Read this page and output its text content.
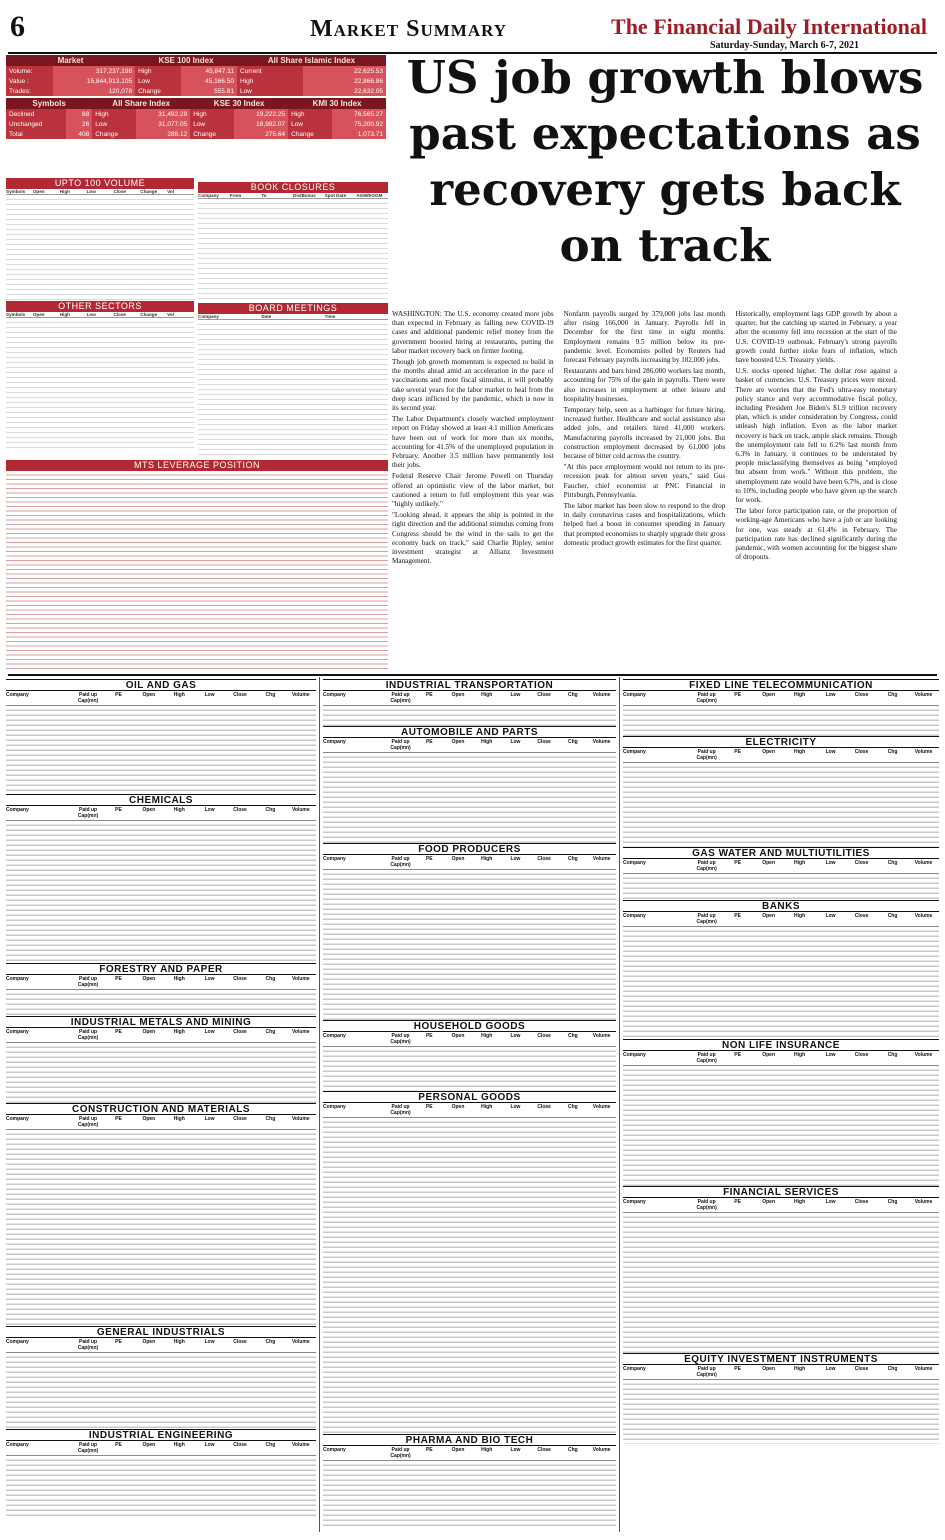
6	Market Summary	The Financial Daily International
Saturday-Sunday, March 6-7, 2021
Market		KSE 100 Index		All Share Islamic Index	
Volume:	317,237,198	High	45,847.11	Current	22,625.53
Value :	15,844,913,105	Low	45,166.50	High	22,866.86
Trades:	120,078	Change	555.81	Low	22,632.05
Symbols		All Share Index		KSE 30 Index		KMI 30 Index	
Declined	88	High	31,492.29	High	19,222.25	High	76,565.27
Unchanged	26	Low	31,077.05	Low	18,982.07	Low	75,200.92
Total	408	Change	288.12	Change	275.64	Change	1,073.71
UPTO 100 VOLUME
Symbols	Open	High	Low	Close	Change	Vol
OTHER SECTORS
Symbols	Open	High	Low	Close	Change	Vol
BOOK CLOSURES
Company	From	To	Div/Bonus	Spot Date	AGM/EOGM
BOARD MEETINGS
Company	Date	Time
MTS LEVERAGE POSITION
US job growth blows past expectations as recovery gets back on track

WASHINGTON: The U.S. economy created more jobs than expected in February as falling new COVID-19 cases and additional pandemic relief money from the government boosted hiring at restaurants, putting the labor market recovery back on firmer footing.

Though job growth momentum is expected to build in the months ahead amid an acceleration in the pace of vaccinations and more fiscal stimulus, it will probably take several years for the labor market to heal from the deep scars inflicted by the pandemic, which is now in its second year.

The Labor Department's closely watched employment report on Friday showed at least 4.1 million Americans have been out of work for more than six months, accounting for 41.5% of the unemployed population in February. Another 3.5 million have permanently lost their jobs.

Federal Reserve Chair Jerome Powell on Thursday offered an optimistic view of the labor market, but cautioned a return to full employment this year was "highly unlikely."

"Looking ahead, it appears the ship is pointed in the right direction and the additional stimulus coming from Congress should be the wind in the sails to get the economy back on track," said Charlie Ripley, senior investment strategist at Allianz Investment Management.

Nonfarm payrolls surged by 379,000 jobs last month after rising 166,000 in January. Payrolls fell in December for the first time in eight months. Employment remains 9.5 million below its pre-pandemic level. Economists polled by Reuters had forecast February payrolls increasing by 182,000 jobs.

Restaurants and bars hired 286,000 workers last month, accounting for 75% of the gain in payrolls. There were also increases in employment at other leisure and hospitality businesses.

Temporary help, seen as a harbinger for future hiring, increased further. Healthcare and social assistance also added jobs, and retailers hired 41,000 workers. Manufacturing payrolls increased by 21,000 jobs. But construction employment decreased by 61,000 jobs because of bitter cold across the country.

"At this pace employment would not return to its pre-recession peak for almost seven years," said Gus Faucher, chief economist at PNC Financial in Pittsburgh, Pennsylvania.

The labor market has been slow to respond to the drop in daily coronavirus cases and hospitalizations, which helped fuel a boost in consumer spending in January that prompted economists to sharply upgrade their gross domestic product growth estimates for the first quarter.

Historically, employment lags GDP growth by about a quarter, but the catching up started in February, a year after the economy fell into recession at the start of the U.S. COVID-19 outbreak. February's strong payrolls growth could further stoke fears of inflation, which have boosted U.S. Treasury yields.

U.S. stocks opened higher. The dollar rose against a basket of currencies. U.S. Treasury prices were mixed. There are worries that the Fed's ultra-easy monetary policy stance and very accommodative fiscal policy, including President Joe Biden's $1.9 trillion recovery plan, which is under consideration by Congress, could unleash high inflation. Even as the labor market recovery is back on track, ample slack remains. Though the unemployment rate fell to 6.2% last month from 6.3% in January, it continues to be understated by people misclassifying themselves as being "employed but absent from work." Without this problem, the unemployment rate would have been 6.7%, and is close to 10%, including people who have given up the search for work.

The labor force participation rate, or the proportion of working-age Americans who have a job or are looking for one, was steady at 61.4% in February. The participation rate has declined significantly during the pandemic, with women accounting for the biggest share of dropouts.

OIL AND GAS
Company	Paid up Cap(mn)
PE	Open	High	Low	Close	Chg	Volume
CHEMICALS
Company	Paid up Cap(mn)
PE	Open	High	Low	Close	Chg	Volume
FORESTRY AND PAPER
Company	Paid up Cap(mn)
PE	Open	High	Low	Close	Chg	Volume
INDUSTRIAL METALS AND MINING
Company	Paid up Cap(mn)
PE	Open	High	Low	Close	Chg	Volume
CONSTRUCTION AND MATERIALS
Company	Paid up Cap(mn)
PE	Open	High	Low	Close	Chg	Volume
GENERAL INDUSTRIALS
Company	Paid up Cap(mn)
PE	Open	High	Low	Close	Chg	Volume
INDUSTRIAL ENGINEERING
Company	Paid up Cap(mn)
PE	Open	High	Low	Close	Chg	Volume
INDUSTRIAL TRANSPORTATION
Company	Paid up Cap(mn)
PE	Open	High	Low	Close	Chg	Volume
AUTOMOBILE AND PARTS
Company	Paid up Cap(mn)
PE	Open	High	Low	Close	Chg	Volume
FOOD PRODUCERS
Company	Paid up Cap(mn)
PE	Open	High	Low	Close	Chg	Volume
HOUSEHOLD GOODS
Company	Paid up Cap(mn)
PE	Open	High	Low	Close	Chg	Volume
PERSONAL GOODS
Company	Paid up Cap(mn)
PE	Open	High	Low	Close	Chg	Volume
PHARMA AND BIO TECH
Company	Paid up Cap(mn)
PE	Open	High	Low	Close	Chg	Volume
FIXED LINE TELECOMMUNICATION
Company	Paid up Cap(mn)
PE	Open	High	Low	Close	Chg	Volume
ELECTRICITY
Company	Paid up Cap(mn)
PE	Open	High	Low	Close	Chg	Volume
GAS WATER AND MULTIUTILITIES
Company	Paid up Cap(mn)
PE	Open	High	Low	Close	Chg	Volume
BANKS
Company	Paid up Cap(mn)
PE	Open	High	Low	Close	Chg	Volume
NON LIFE INSURANCE
Company	Paid up Cap(mn)
PE	Open	High	Low	Close	Chg	Volume
FINANCIAL SERVICES
Company	Paid up Cap(mn)
PE	Open	High	Low	Close	Chg	Volume
EQUITY INVESTMENT INSTRUMENTS
Company	Paid up Cap(mn)
PE	Open	High	Low	Close	Chg	Volume
